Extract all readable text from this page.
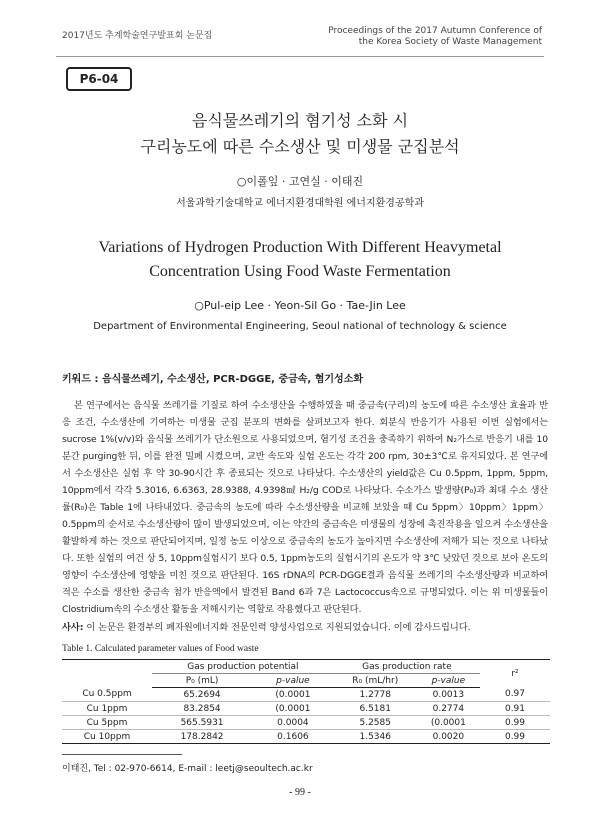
2017년도 추계학술연구발표회 논문집	Proceedings of the 2017 Autumn Conference of
the Korea Society of Waste Management
P6-04
음식물쓰레기의 혐기성 소화 시
구리농도에 따른 수소생산 및 미생물 군집분석
○이폴잎 · 고연실 · 이태진
서울과학기술대학교 에너지환경대학원 에너지환경공학과
Variations of Hydrogen Production With Different Heavymetal
Concentration Using Food Waste Fermentation
○Pul-eip Lee · Yeon-Sil Go · Tae-Jin Lee
Department of Environmental Engineering, Seoul national of technology & science
키워드 : 음식물쓰레기, 수소생산, PCR-DGGE, 중금속, 혐기성소화

본 연구에서는 음식물 쓰레기를 기질로 하여 수소생산을 수행하였을 때 중금속(구리)의 농도에 따른 수소생산 효율과 반응 조건, 수소생산에 기여하는 미생물 군집 분포의 변화를 살펴보고자 한다. 회분식 반응기가 사용된 이번 실험에서는 sucrose 1%(v/v)와 음식물 쓰레기가 단소원으로 사용되었으며, 혐기성 조건을 충족하기 위하여 N₂가스로 반응기 내를 10분간 purging한 뒤, 이를 완전 밀폐 시켰으며, 교반 속도와 실험 온도는 각각 200 rpm, 30±3℃로 유지되었다. 본 연구에서 수소생산은 실험 후 약 30-90시간 후 종료되는 것으로 나타났다. 수소생산의 yield값은 Cu 0.5ppm, 1ppm, 5ppm, 10ppm에서 각각 5.3016, 6.6363, 28.9388, 4.9398㎖ H₂/g COD로 나타났다. 수소가스 발생량(P₀)과 최대 수소 생산률(R₀)은 Table 1에 나타내었다. 중금속의 농도에 따라 수소생산량을 비교해 보았을 때 Cu 5ppm〉10ppm〉1ppm〉0.5ppm의 순서로 수소생산량이 많이 발생되었으며, 이는 약간의 중금속은 미생물의 성장에 촉진작용을 일으켜 수소생산을 활발하게 하는 것으로 판단되어지며, 일정 농도 이상으로 중금속의 농도가 높아지면 수소생산에 저해가 되는 것으로 나타났다. 또한 실험의 여건 상 5, 10ppm실험시기 보다 0.5, 1ppm농도의 실험시기의 온도가 약 3℃ 낮았던 것으로 보아 온도의 영향이 수소생산에 영향을 미친 것으로 판단된다. 16S rDNA의 PCR-DGGE결과 음식물 쓰레기의 수소생산량과 비교하여 적은 수소를 생산한 중금속 첨가 반응액에서 발견된 Band 6과 7은 Lactococcus속으로 규명되었다. 이는 위 미생물들이 Clostridium속의 수소생산 활동을 저해시키는 역할로 작용했다고 판단된다.

사사: 이 논문은 환경부의 폐자원에너지화 전문인력 양성사업으로 지원되었습니다. 이에 감사드립니다.
Table 1. Calculated parameter values of Food waste
	Gas production potential		Gas production rate		r²
	P₀ (mL)	p-value	R₀ (mL/hr)	p-value	
Cu 0.5ppm	65.2694	(0.0001	1.2778	0.0013	0.97
Cu 1ppm	83.2854	(0.0001	6.5181	0.2774	0.91
Cu 5ppm	565.5931	0.0004	5.2585	(0.0001	0.99
Cu 10ppm	178.2842	0.1606	1.5346	0.0020	0.99
이태진, Tel : 02-970-6614, E-mail : leetj@seoultech.ac.kr
- 99 -
